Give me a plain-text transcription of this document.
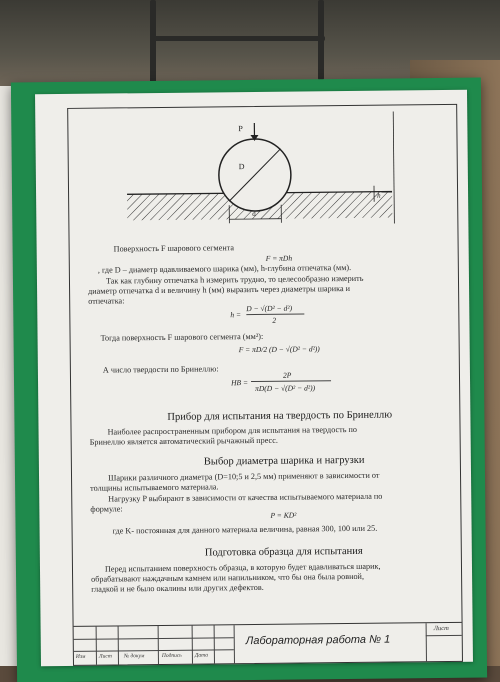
P
D
h
d
Поверхность F шарового сегмента
F = πDh
, где D – диаметр вдавливаемого шарика (мм), h-глубина отпечатка (мм).
Так как глубину отпечатка h измерить трудно, то целесообразно измерить
диаметр отпечатка d и величину h (мм) выразить через диаметры шарика и
отпечатка:
h =
D − √(D² − d²)
2
Тогда поверхность F шарового сегмента (мм²):
F = πD/2 (D − √(D² − d²))
А число твердости по Бринеллю:
HB =
2P
πD(D − √(D² − d²))
Прибор для испытания на твердость по Бринеллю
Наиболее распространенным прибором для испытания на твердость по
Бринеллю является автоматический рычажный пресс.
Выбор диаметра шарика и нагрузки
Шарики различного диаметра (D=10;5 и 2,5 мм) применяют в зависимости от
толщины испытываемого материала.
Нагрузку P выбирают в зависимости от качества испытываемого материала по
формуле:
P = KD²
где K- постоянная для данного материала величина, равная 300, 100 или 25.
Подготовка образца для испытания
Перед испытанием поверхность образца, в которую будет вдавливаться шарик,
обрабатывают наждачным камнем или напильником, что бы она была ровной,
гладкой и не было окалины или других дефектов.
Изм Лист № докум	Подпись Дата
Лабораторная работа № 1
Лист
